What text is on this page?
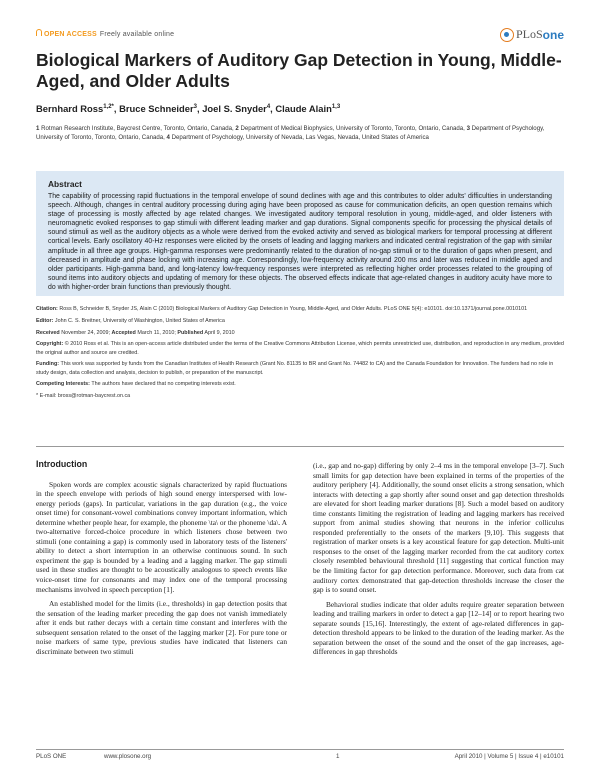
OPEN ACCESS Freely available online	PLoSone
Biological Markers of Auditory Gap Detection in Young, Middle-Aged, and Older Adults
Bernhard Ross$^{1,2*}$, Bruce Schneider$^3$, Joel S. Snyder$^4$, Claude Alain$^{1,3}$
1 Rotman Research Institute, Baycrest Centre, Toronto, Ontario, Canada, 2 Department of Medical Biophysics, University of Toronto, Toronto, Ontario, Canada, 3 Department of Psychology, University of Toronto, Toronto, Ontario, Canada, 4 Department of Psychology, University of Nevada, Las Vegas, Nevada, United States of America
Abstract

The capability of processing rapid fluctuations in the temporal envelope of sound declines with age and this contributes to older adults' difficulties in understanding speech. Although, changes in central auditory processing during aging have been proposed as cause for communication deficits, an open question remains which stage of processing is mostly affected by age related changes. We investigated auditory temporal resolution in young, middle-aged, and older listeners with neuromagnetic evoked responses to gap stimuli with different leading marker and gap durations. Signal components specific for processing the physical details of sound stimuli as well as the auditory objects as a whole were derived from the evoked activity and served as biological markers for temporal processing at different cortical levels. Early oscillatory 40-Hz responses were elicited by the onsets of leading and lagging markers and indicated central registration of the gap with similar amplitude in all three age groups. High-gamma responses were predominantly related to the duration of no-gap stimuli or to the duration of gaps when present, and decreased in amplitude and phase locking with increasing age. Correspondingly, low-frequency activity around 200 ms and later was reduced in middle aged and older participants. High-gamma band, and long-latency low-frequency responses were interpreted as reflecting higher order processes related to the grouping of sound items into auditory objects and updating of memory for these objects. The observed effects indicate that age-related changes in auditory acuity have more to do with higher-order brain functions than previously thought.

Citation: Ross B, Schneider B, Snyder JS, Alain C (2010) Biological Markers of Auditory Gap Detection in Young, Middle-Aged, and Older Adults. PLoS ONE 5(4): e10101. doi:10.1371/journal.pone.0010101

Editor: John C. S. Breitner, University of Washington, United States of America

Received November 24, 2009; Accepted March 11, 2010; Published April 9, 2010

Copyright: © 2010 Ross et al. This is an open-access article distributed under the terms of the Creative Commons Attribution License, which permits unrestricted use, distribution, and reproduction in any medium, provided the original author and source are credited.

Funding: This work was supported by funds from the Canadian Institutes of Health Research (Grant No. 81135 to BR and Grant No. 74482 to CA) and the Canada Foundation for Innovation. The funders had no role in study design, data collection and analysis, decision to publish, or preparation of the manuscript.

Competing Interests: The authors have declared that no competing interests exist.

* E-mail: bross@rotman-baycrest.on.ca

Introduction

Spoken words are complex acoustic signals characterized by rapid fluctuations in the speech envelope with periods of high sound energy interspersed with low-energy periods (gaps). In particular, variations in the gap duration (e.g., the voice onset time) for consonant-vowel combinations convey important information, which determine whether people hear, for example, the phoneme \ta\ or the phoneme \da\. A two-alternative forced-choice procedure in which listeners chose between two stimuli (one containing a gap) is commonly used in laboratory tests of the listeners' ability to detect a short interruption in an otherwise continuous sound. In such experiment the gap is bounded by a leading and a lagging marker. The gap stimuli used in these studies are thought to be acoustically analogous to speech events like voice-onset time for consonants and may index one of the temporal processing mechanisms involved in speech perception [1].

An established model for the limits (i.e., thresholds) in gap detection posits that the sensation of the leading marker preceding the gap does not vanish immediately after it ends but rather decays with a certain time constant and interferes with the subsequent sensation related to the onset of the lagging marker [2]. For pure tone or noise markers of same type, previous studies have indicated that listeners can discriminate between two stimuli

(i.e., gap and no-gap) differing by only 2–4 ms in the temporal envelope [3–7]. Such small limits for gap detection have been explained in terms of the properties of the auditory periphery [4]. Additionally, the sound onset elicits a strong sensation, which interacts with detecting a gap shortly after sound onset and gap detection thresholds are elevated for short leading marker durations [8]. Such a model based on auditory time constants limiting the registration of leading and lagging markers has received support from animal studies showing that neurons in the inferior colliculus responded preferentially to the onsets of the markers [9,10]. This suggests that registration of marker onsets is a key acoustical feature for gap detection. Multi-unit responses to the onset of the lagging marker recorded from the cat auditory cortex closely resembled behavioural threshold [11] suggesting that cortical function may be the limiting factor for gap detection performance. Moreover, such data from cat auditory cortex demonstrated that gap-detection thresholds increase the closer the gap is to sound onset.

Behavioral studies indicate that older adults require greater separation between leading and trailing markers in order to detect a gap [12–14] or to report hearing two separate sounds [15,16]. Interestingly, the extent of age-related differences in gap-detection threshold appears to be linked to the duration of the leading marker. As the separation between the onset of the sound and the onset of the gap increases, age-differences in gap thresholds

PLoS ONE	www.plosone.org	1	April 2010 | Volume 5 | Issue 4 | e10101
